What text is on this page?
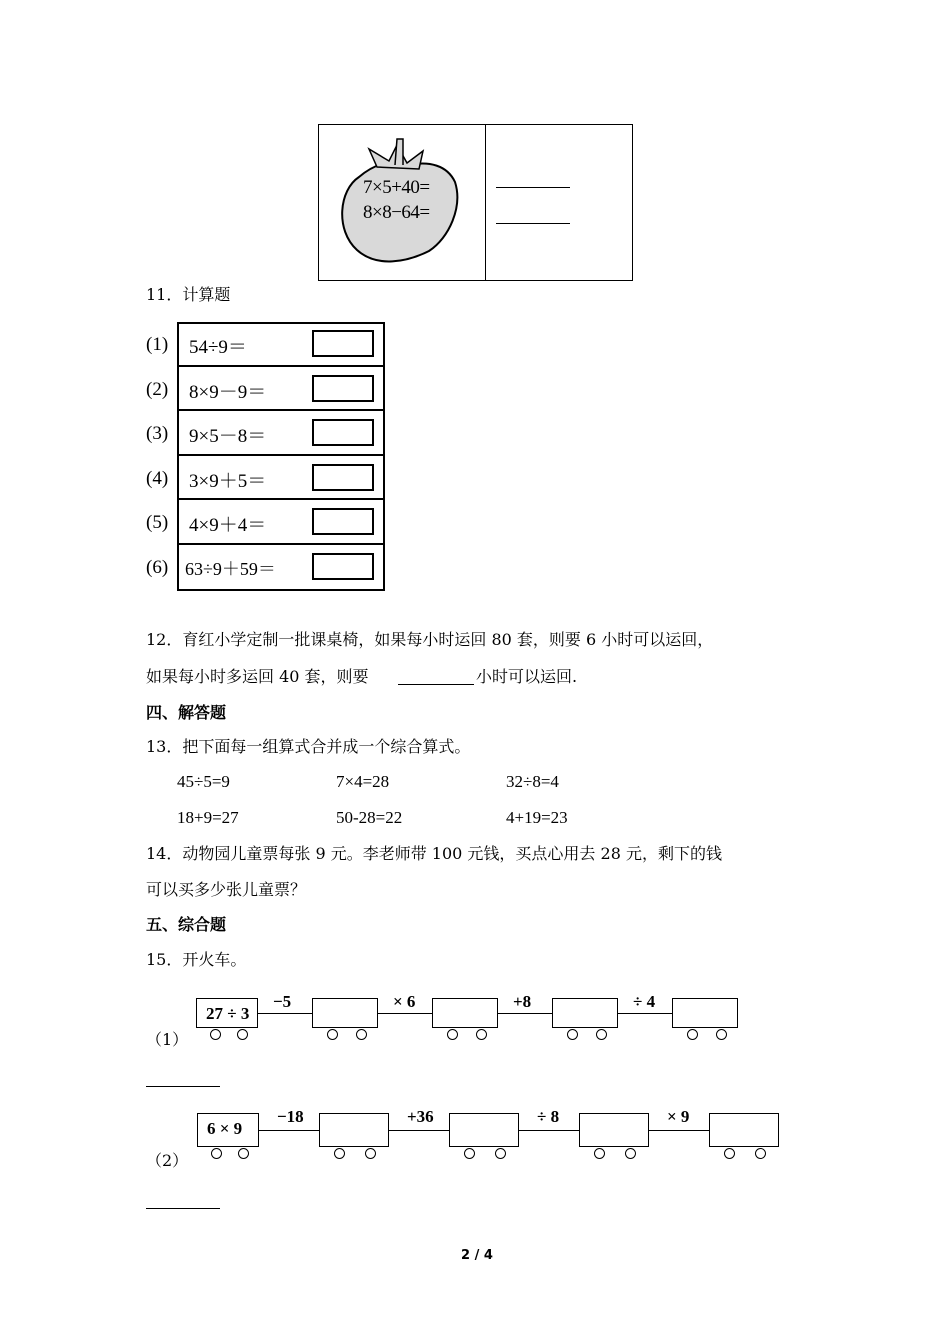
7×5+40=
8×8−64=
11．计算题
(1) 54÷9＝
(2) 8×9－9＝
(3) 9×5－8＝
(4) 3×9＋5＝
(5) 4×9＋4＝
(6) 63÷9＋59＝
12．育红小学定制一批课桌椅，如果每小时运回 80 套，则要 6 小时可以运回，
如果每小时多运回 40 套，则要	小时可以运回.
四、解答题
13．把下面每一组算式合并成一个综合算式。
45÷5=9	7×4=28	32÷8=4
18+9=27	50-28=22	4+19=23
14．动物园儿童票每张 9 元。李老师带 100 元钱，买点心用去 28 元，剩下的钱
可以买多少张儿童票？
五、综合题
15．开火车。
（1）
−5	× 6	+8	÷ 4
27 ÷ 3
（2）
−18	+36	÷ 8	× 9
6 × 9
2 / 4
